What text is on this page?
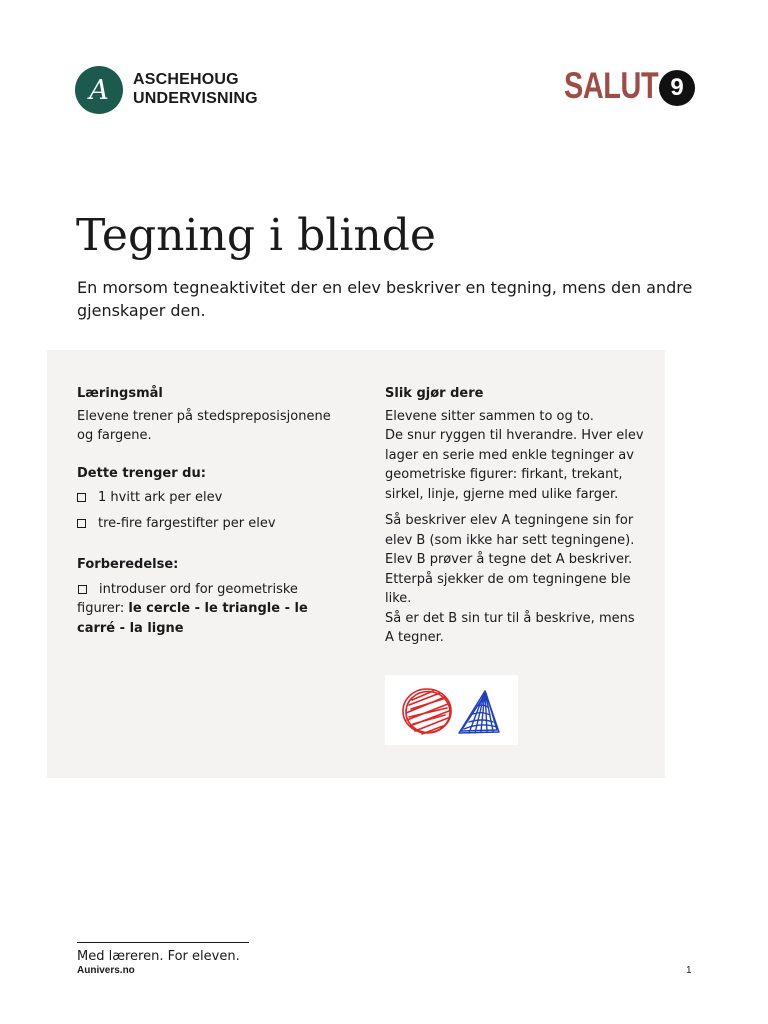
A ASCHEHOUG
UNDERVISNING	SALUT 9
Tegning i blinde
En morsom tegneaktivitet der en elev beskriver en tegning, mens den andre gjenskaper den.
Læringsmål

Elevene trener på stedspreposisjonene og fargene.

Dette trenger du:
1 hvitt ark per elev
tre-fire fargestifter per elev
Forberedelse:

introduser ord for geometriske figurer: le cercle - le triangle - le carré - la ligne

Slik gjør dere
Elevene sitter sammen to og to.
De snur ryggen til hverandre. Hver elev lager en serie med enkle tegninger av geometriske figurer: firkant, trekant, sirkel, linje, gjerne med ulike farger.
Så beskriver elev A tegningene sin for elev B (som ikke har sett tegningene).
Elev B prøver å tegne det A beskriver.
Etterpå sjekker de om tegningene ble like.
Så er det B sin tur til å beskrive, mens A tegner.
Med læreren. For eleven.
Aunivers.no	1
